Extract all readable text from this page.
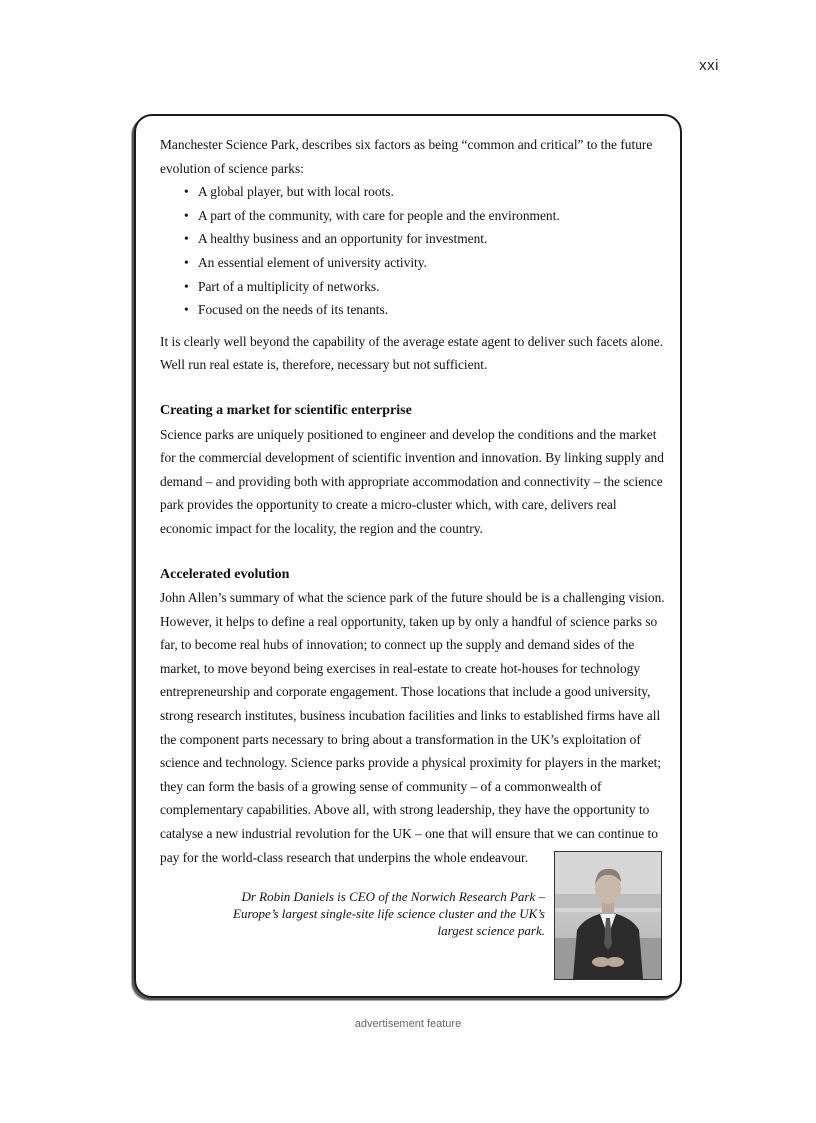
xxi

Manchester Science Park, describes six factors as being “common and critical” to the future evolution of science parks:

• A global player, but with local roots.
• A part of the community, with care for people and the environment.
• A healthy business and an opportunity for investment.
• An essential element of university activity.
• Part of a multiplicity of networks.
• Focused on the needs of its tenants.

It is clearly well beyond the capability of the average estate agent to deliver such facets alone. Well run real estate is, therefore, necessary but not sufficient.

Creating a market for scientific enterprise

Science parks are uniquely positioned to engineer and develop the conditions and the market for the commercial development of scientific invention and innovation. By linking supply and demand – and providing both with appropriate accommodation and connectivity – the science park provides the opportunity to create a micro-cluster which, with care, delivers real economic impact for the locality, the region and the country.

Accelerated evolution

John Allen’s summary of what the science park of the future should be is a challenging vision. However, it helps to define a real opportunity, taken up by only a handful of science parks so far, to become real hubs of innovation; to connect up the supply and demand sides of the market, to move beyond being exercises in real-estate to create hot-houses for technology entrepreneurship and corporate engagement. Those locations that include a good university, strong research institutes, business incubation facilities and links to established firms have all the component parts necessary to bring about a transformation in the UK’s exploitation of science and technology. Science parks provide a physical proximity for players in the market; they can form the basis of a growing sense of community – of a commonwealth of complementary capabilities. Above all, with strong leadership, they have the opportunity to catalyse a new industrial revolution for the UK – one that will ensure that we can continue to pay for the world-class research that underpins the whole endeavour.

Dr Robin Daniels is CEO of the Norwich Research Park – Europe’s largest single-site life science cluster and the UK’s largest science park.
advertisement feature
